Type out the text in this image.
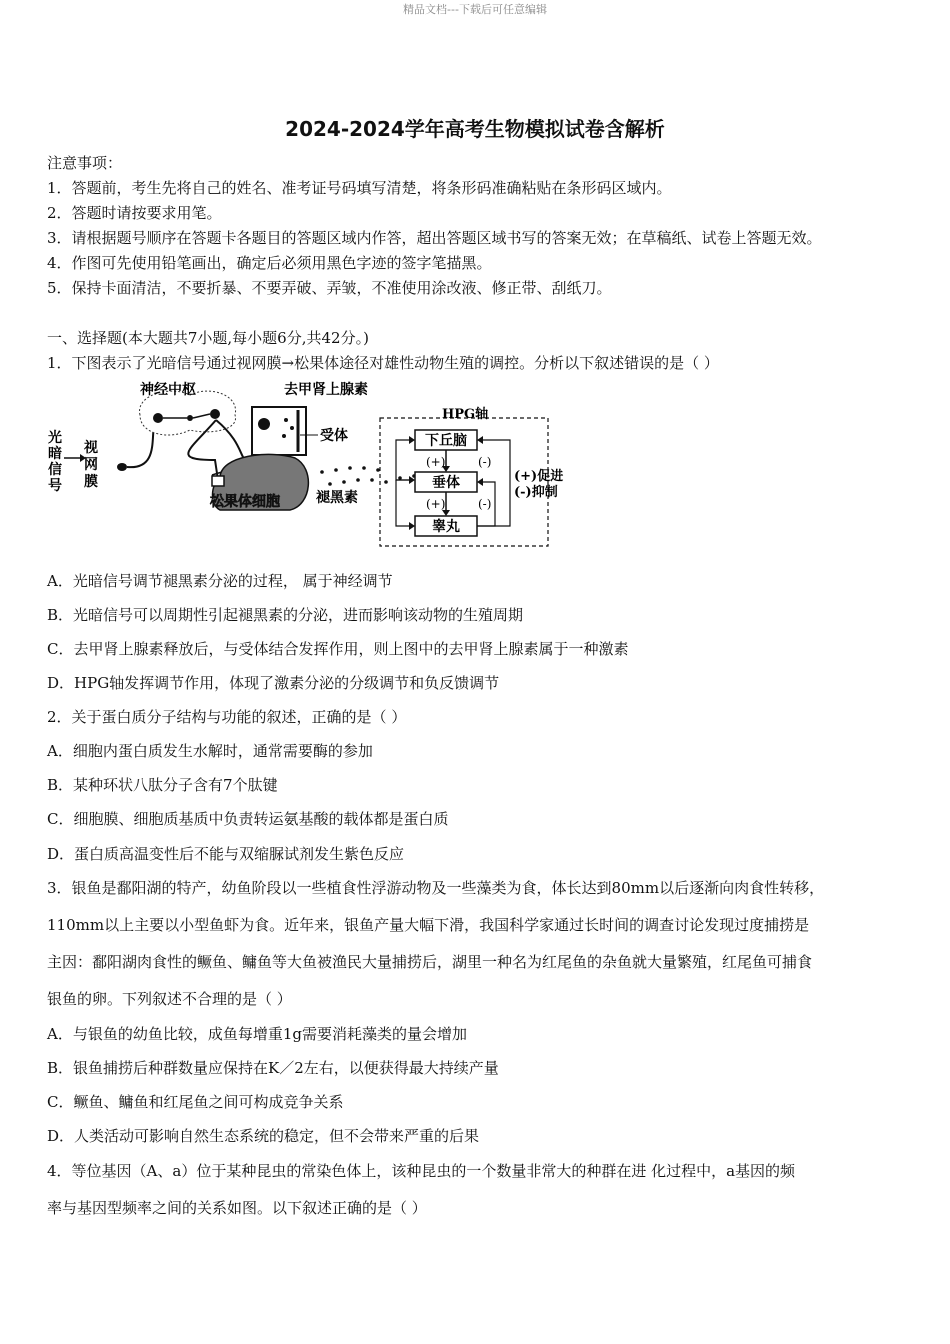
精品文档---下载后可任意编辑
2024-2024学年高考生物模拟试卷含解析
注意事项：
1．答题前，考生先将自己的姓名、准考证号码填写清楚，将条形码准确粘贴在条形码区域内。
2．答题时请按要求用笔。
3．请根据题号顺序在答题卡各题目的答题区域内作答，超出答题区域书写的答案无效；在草稿纸、试卷上答题无效。
4．作图可先使用铅笔画出，确定后必须用黑色字迹的签字笔描黑。
5．保持卡面清洁，不要折暴、不要弄破、弄皱，不准使用涂改液、修正带、刮纸刀。
一、选择题(本大题共7小题,每小题6分,共42分。)
1．下图表示了光暗信号通过视网膜→松果体途径对雄性动物生殖的调控。分析以下叙述错误的是（ ）
光
暗
信
号
视
网
膜
神经中枢	去甲肾上腺素
受体
松果体细胞	褪黑素
HPG轴
下丘脑
垂体
睾丸
(+)
(+)
(-)
(-)
(+)促进
(-)抑制
A．光暗信号调节褪黑素分泌的过程， 属于神经调节
B．光暗信号可以周期性引起褪黑素的分泌，进而影响该动物的生殖周期
C．去甲肾上腺素释放后，与受体结合发挥作用，则上图中的去甲肾上腺素属于一种激素
D．HPG轴发挥调节作用，体现了激素分泌的分级调节和负反馈调节
2．关于蛋白质分子结构与功能的叙述，正确的是（ ）
A．细胞内蛋白质发生水解时，通常需要酶的参加
B．某种环状八肽分子含有7个肽键
C．细胞膜、细胞质基质中负责转运氨基酸的载体都是蛋白质
D．蛋白质高温变性后不能与双缩脲试剂发生紫色反应
3．银鱼是鄱阳湖的特产，幼鱼阶段以一些植食性浮游动物及一些藻类为食，体长达到80mm以后逐渐向肉食性转移，
110mm以上主要以小型鱼虾为食。近年来，银鱼产量大幅下滑，我国科学家通过长时间的调查讨论发现过度捕捞是
主因：鄱阳湖肉食性的鳜鱼、鳙鱼等大鱼被渔民大量捕捞后，湖里一种名为红尾鱼的杂鱼就大量繁殖，红尾鱼可捕食
银鱼的卵。下列叙述不合理的是（ ）
A．与银鱼的幼鱼比较，成鱼每增重1g需要消耗藻类的量会增加
B．银鱼捕捞后种群数量应保持在K／2左右，以便获得最大持续产量
C．鳜鱼、鳙鱼和红尾鱼之间可构成竞争关系
D．人类活动可影响自然生态系统的稳定，但不会带来严重的后果
4．等位基因（A、a）位于某种昆虫的常染色体上，该种昆虫的一个数量非常大的种群在进 化过程中，a基因的频
率与基因型频率之间的关系如图。以下叙述正确的是（ ）
